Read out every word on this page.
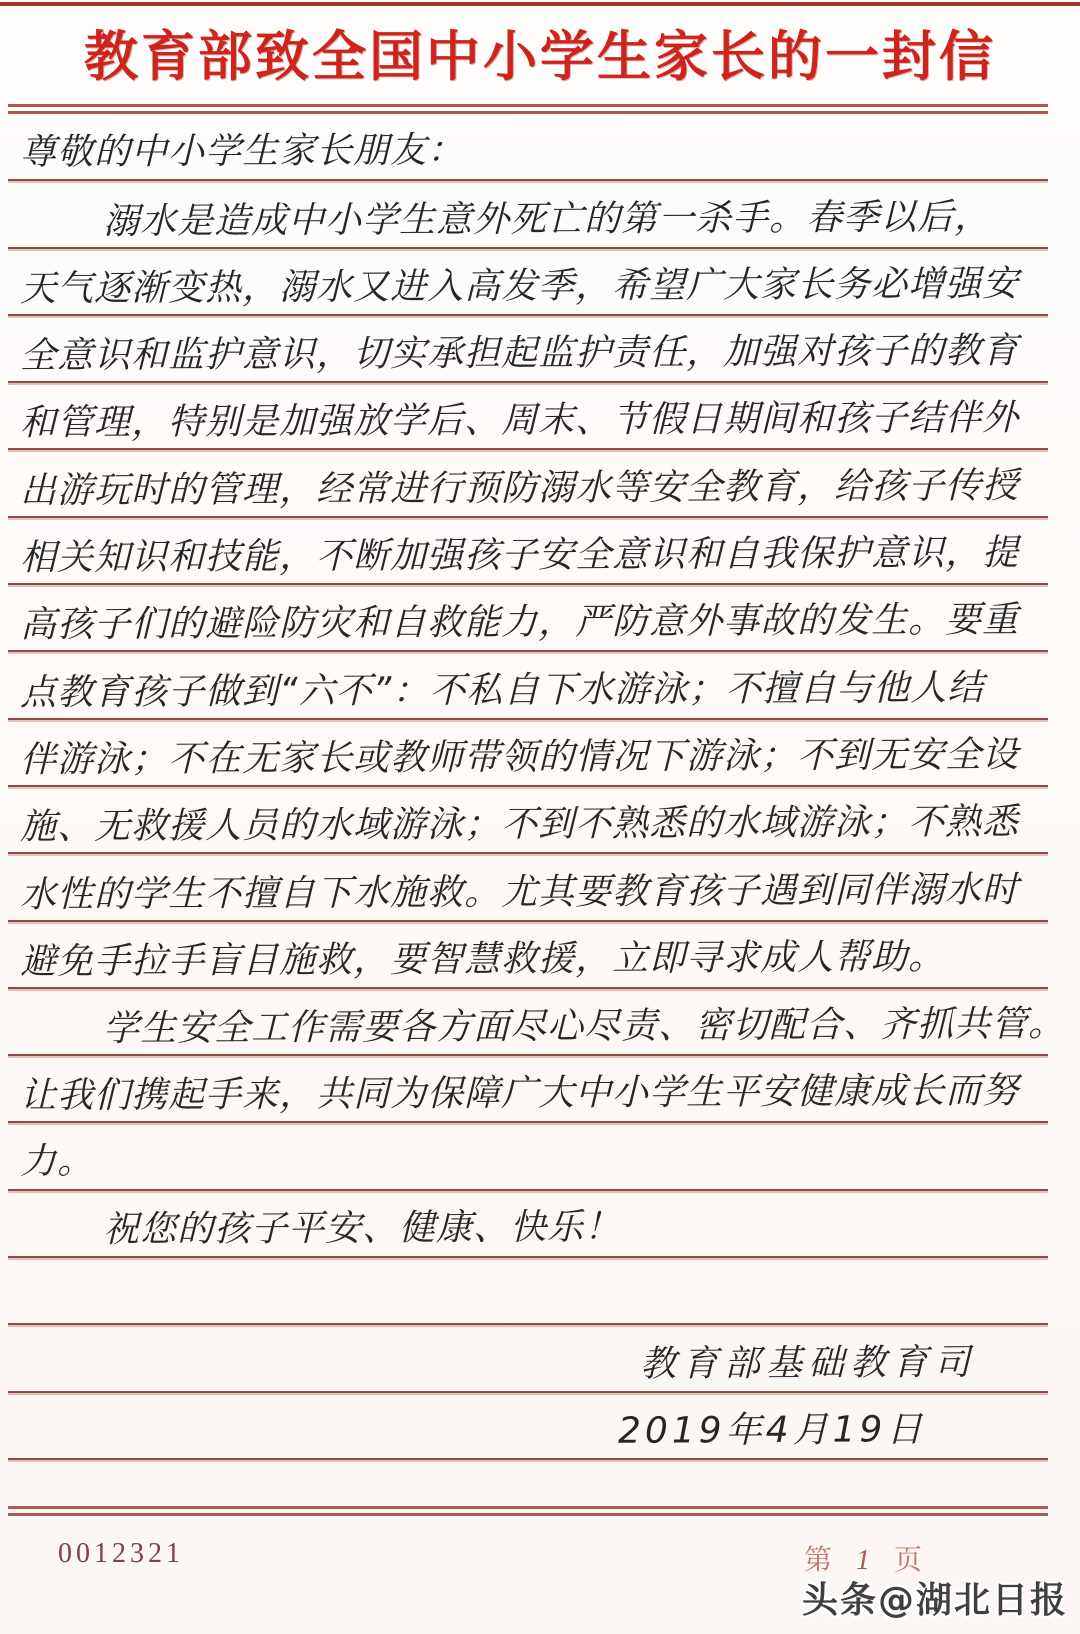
教育部致全国中小学生家长的一封信
尊敬的中小学生家长朋友：
溺水是造成中小学生意外死亡的第一杀手。春季以后，
天气逐渐变热，溺水又进入高发季，希望广大家长务必增强安
全意识和监护意识，切实承担起监护责任，加强对孩子的教育
和管理，特别是加强放学后、周末、节假日期间和孩子结伴外
出游玩时的管理，经常进行预防溺水等安全教育，给孩子传授
相关知识和技能，不断加强孩子安全意识和自我保护意识，提
高孩子们的避险防灾和自救能力，严防意外事故的发生。要重
点教育孩子做到“六不”：不私自下水游泳；不擅自与他人结
伴游泳；不在无家长或教师带领的情况下游泳；不到无安全设
施、无救援人员的水域游泳；不到不熟悉的水域游泳；不熟悉
水性的学生不擅自下水施救。尤其要教育孩子遇到同伴溺水时
避免手拉手盲目施救，要智慧救援，立即寻求成人帮助。
学生安全工作需要各方面尽心尽责、密切配合、齐抓共管。
让我们携起手来，共同为保障广大中小学生平安健康成长而努
力。
祝您的孩子平安、健康、快乐！
教育部基础教育司
2019年4月19日
0012321	第 1 页
头条@湖北日报
